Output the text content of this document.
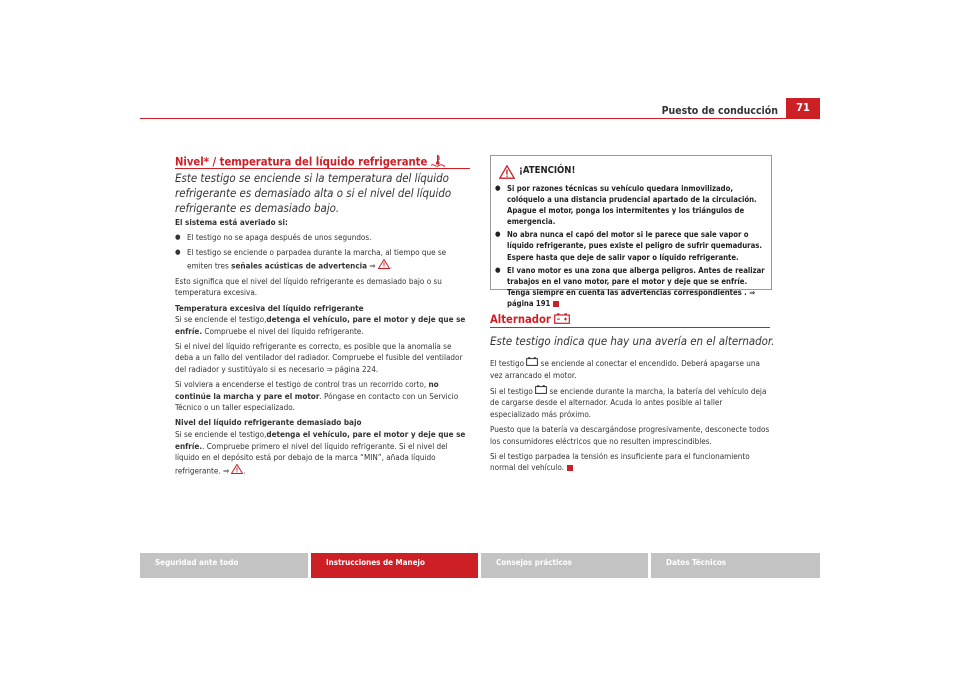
Puesto de conducción	71
Nivel* / temperatura del líquido refrigerante
Este testigo se enciende si la temperatura del líquido refrigerante es demasiado alta o si el nivel del líquido refrigerante es demasiado bajo.

El sistema está averiado si:

● El testigo no se apaga después de unos segundos.

● El testigo se enciende o parpadea durante la marcha, al tiempo que se emiten tres señales acústicas de advertencia ⇒ .

Esto significa que el nivel del líquido refrigerante es demasiado bajo o su temperatura excesiva.

Temperatura excesiva del líquido refrigerante

Si se enciende el testigo,detenga el vehículo, pare el motor y deje que se enfríe. Compruebe el nivel del líquido refrigerante.

Si el nivel del líquido refrigerante es correcto, es posible que la anomalía se deba a un fallo del ventilador del radiador. Compruebe el fusible del ventilador del radiador y sustitúyalo si es necesario ⇒ página 224.

Si volviera a encenderse el testigo de control tras un recorrido corto, no continúe la marcha y pare el motor. Póngase en contacto con un Servicio Técnico o un taller especializado.

Nivel del líquido refrigerante demasiado bajo

Si se enciende el testigo,detenga el vehículo, pare el motor y deje que se enfríe.. Compruebe primero el nivel del líquido refrigerante. Si el nivel del líquido en el depósito está por debajo de la marca “MIN”, añada líquido refrigerante. ⇒ .

¡ATENCIÓN!

● Si por razones técnicas su vehículo quedara inmovilizado, colóquelo a una distancia prudencial apartado de la circulación. Apague el motor, ponga los intermitentes y los triángulos de emergencia.

● No abra nunca el capó del motor si le parece que sale vapor o líquido refrigerante, pues existe el peligro de sufrir quemaduras. Espere hasta que deje de salir vapor o líquido refrigerante.

● El vano motor es una zona que alberga peligros. Antes de realizar trabajos en el vano motor, pare el motor y deje que se enfríe. Tenga siempre en cuenta las advertencias correspondientes . ⇒ página 191

Alternador
Este testigo indica que hay una avería en el alternador.

El testigo  se enciende al conectar el encendido. Deberá apagarse una vez arrancado el motor.

Si el testigo  se enciende durante la marcha, la batería del vehículo deja de cargarse desde el alternador. Acuda lo antes posible al taller especializado más próximo.

Puesto que la batería va descargándose progresivamente, desconecte todos los consumidores eléctricos que no resulten imprescindibles.

Si el testigo parpadea la tensión es insuficiente para el funcionamiento normal del vehículo.

Seguridad ante todo	Instrucciones de Manejo	Consejos prácticos	Datos Técnicos
